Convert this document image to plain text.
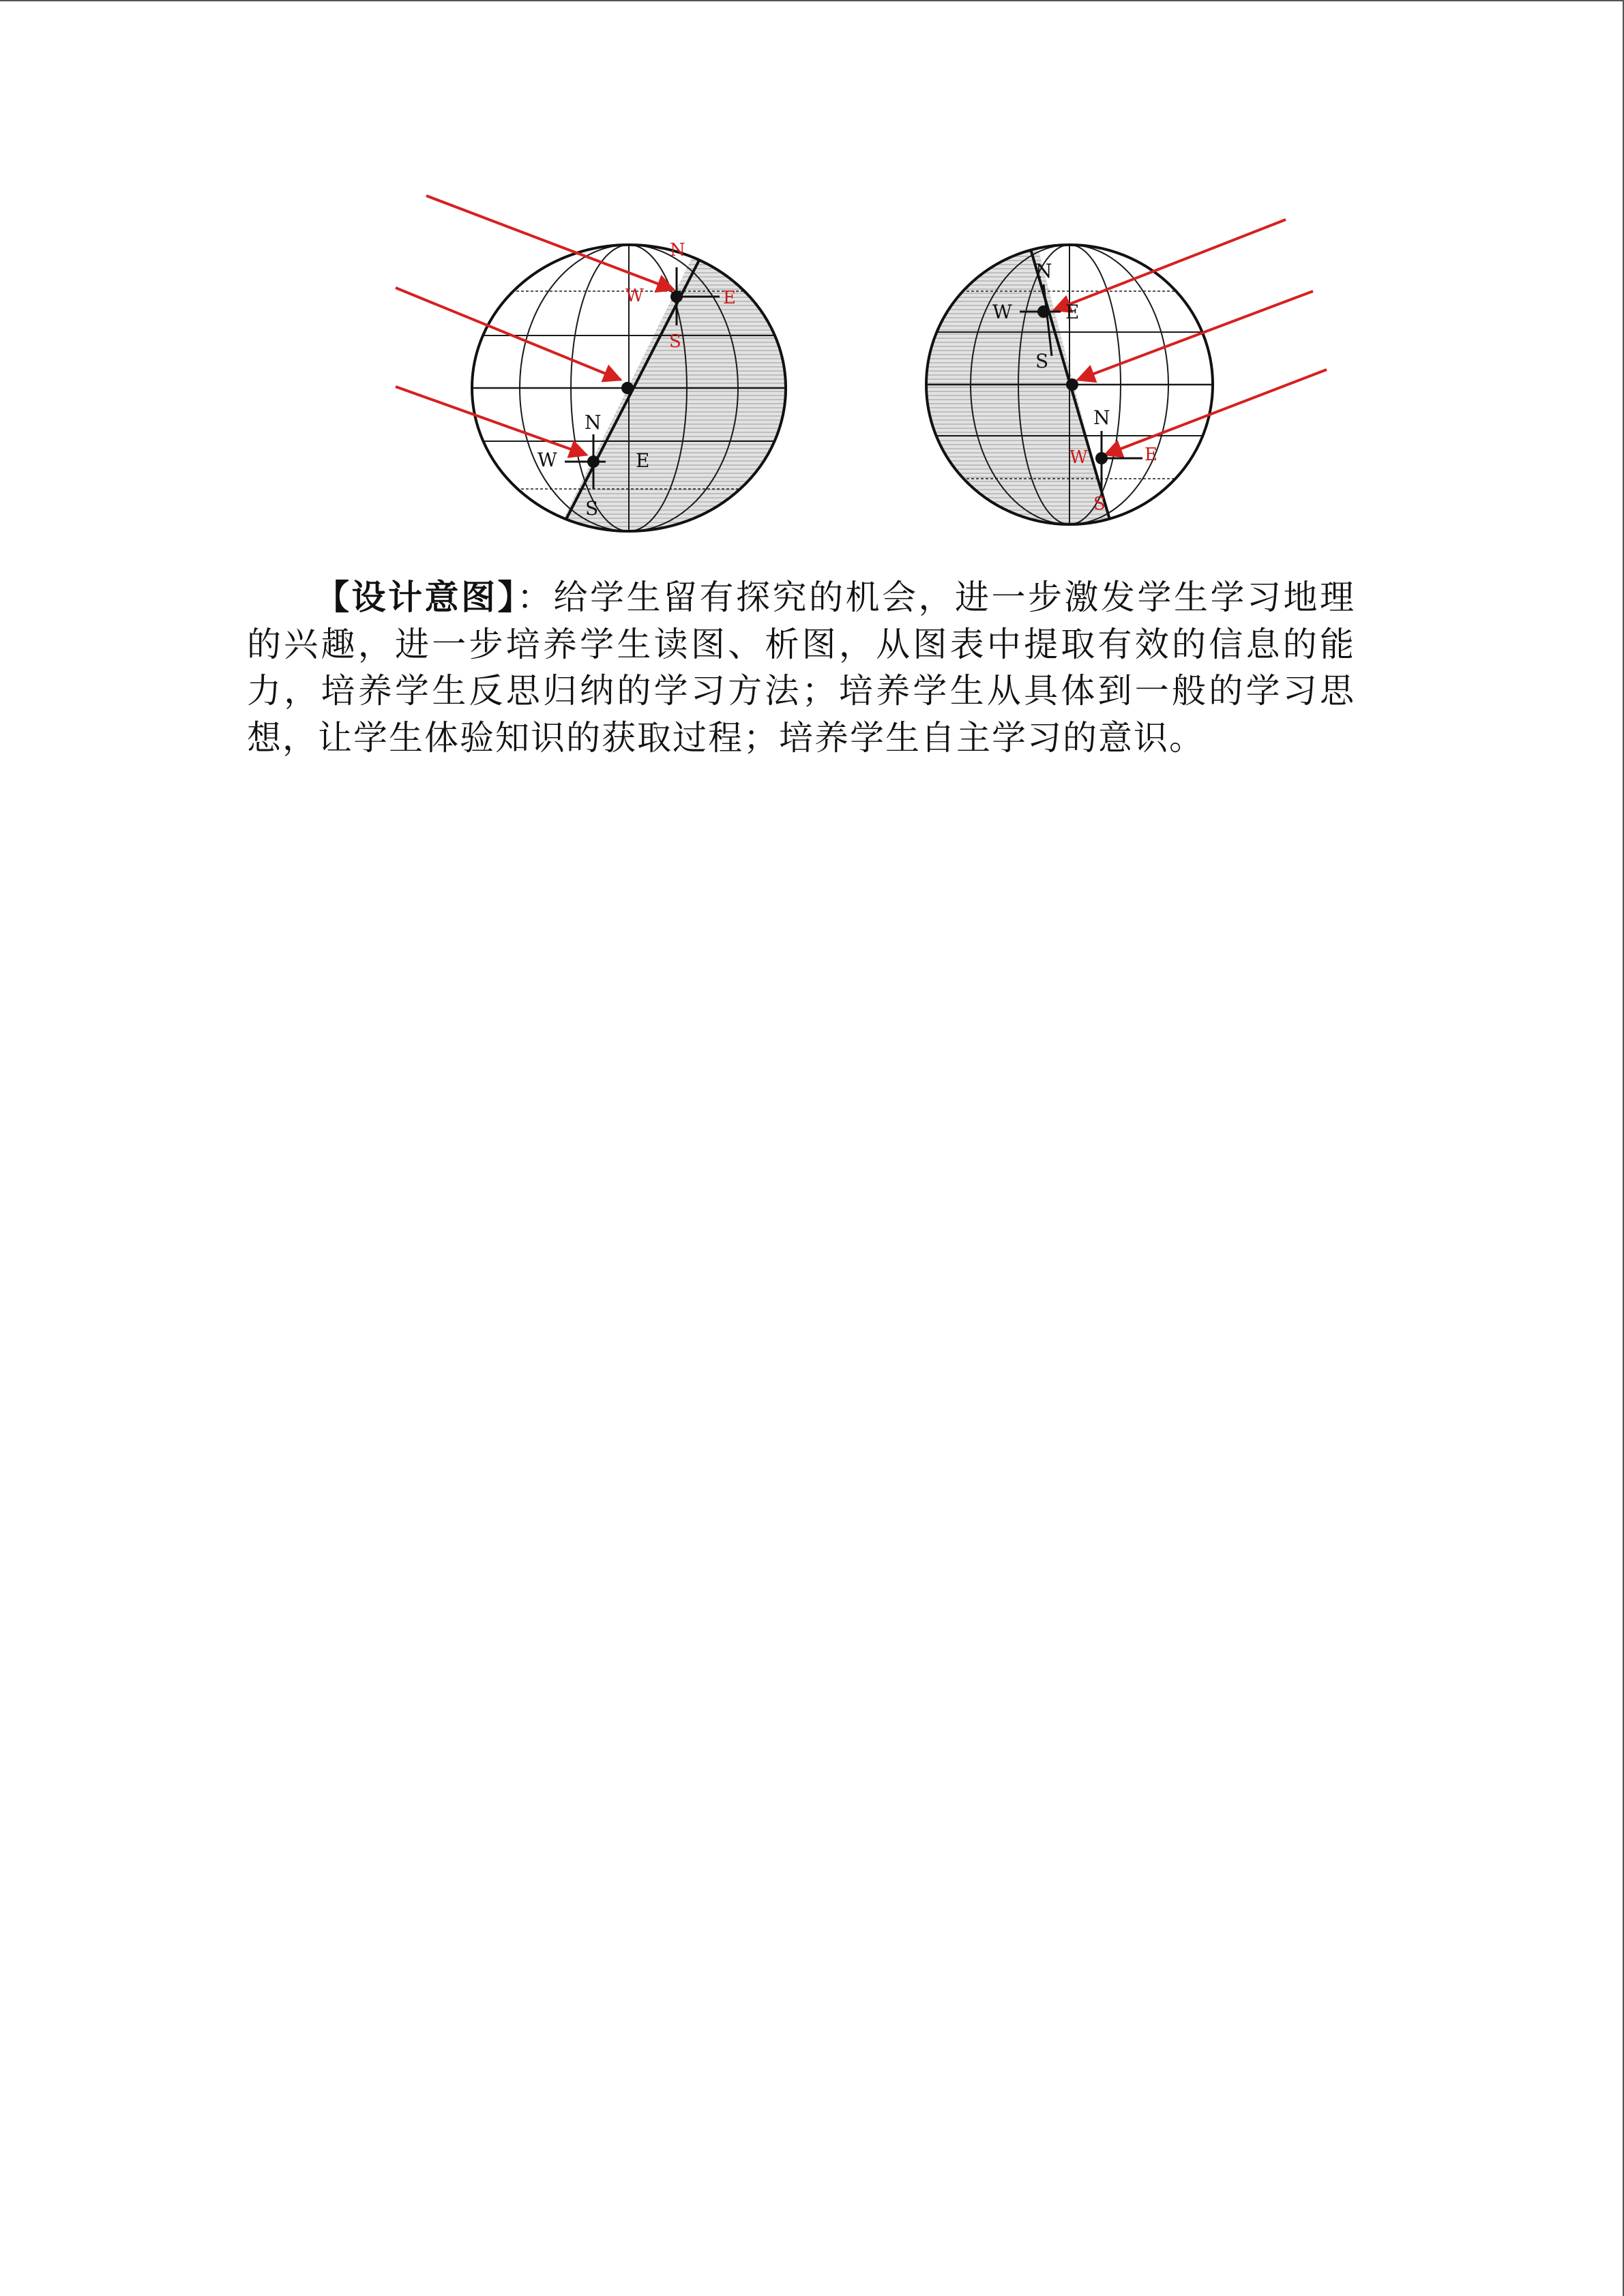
N
W	E
S
N
W	E
S
N
W	E
S
N
W	E
S

【设计意图】：给学生留有探究的机会，进一步激发学生学习地理的兴趣，进一步培养学生读图、析图，从图表中提取有效的信息的能力，培养学生反思归纳的学习方法；培养学生从具体到一般的学习思想，让学生体验知识的获取过程；培养学生自主学习的意识。
